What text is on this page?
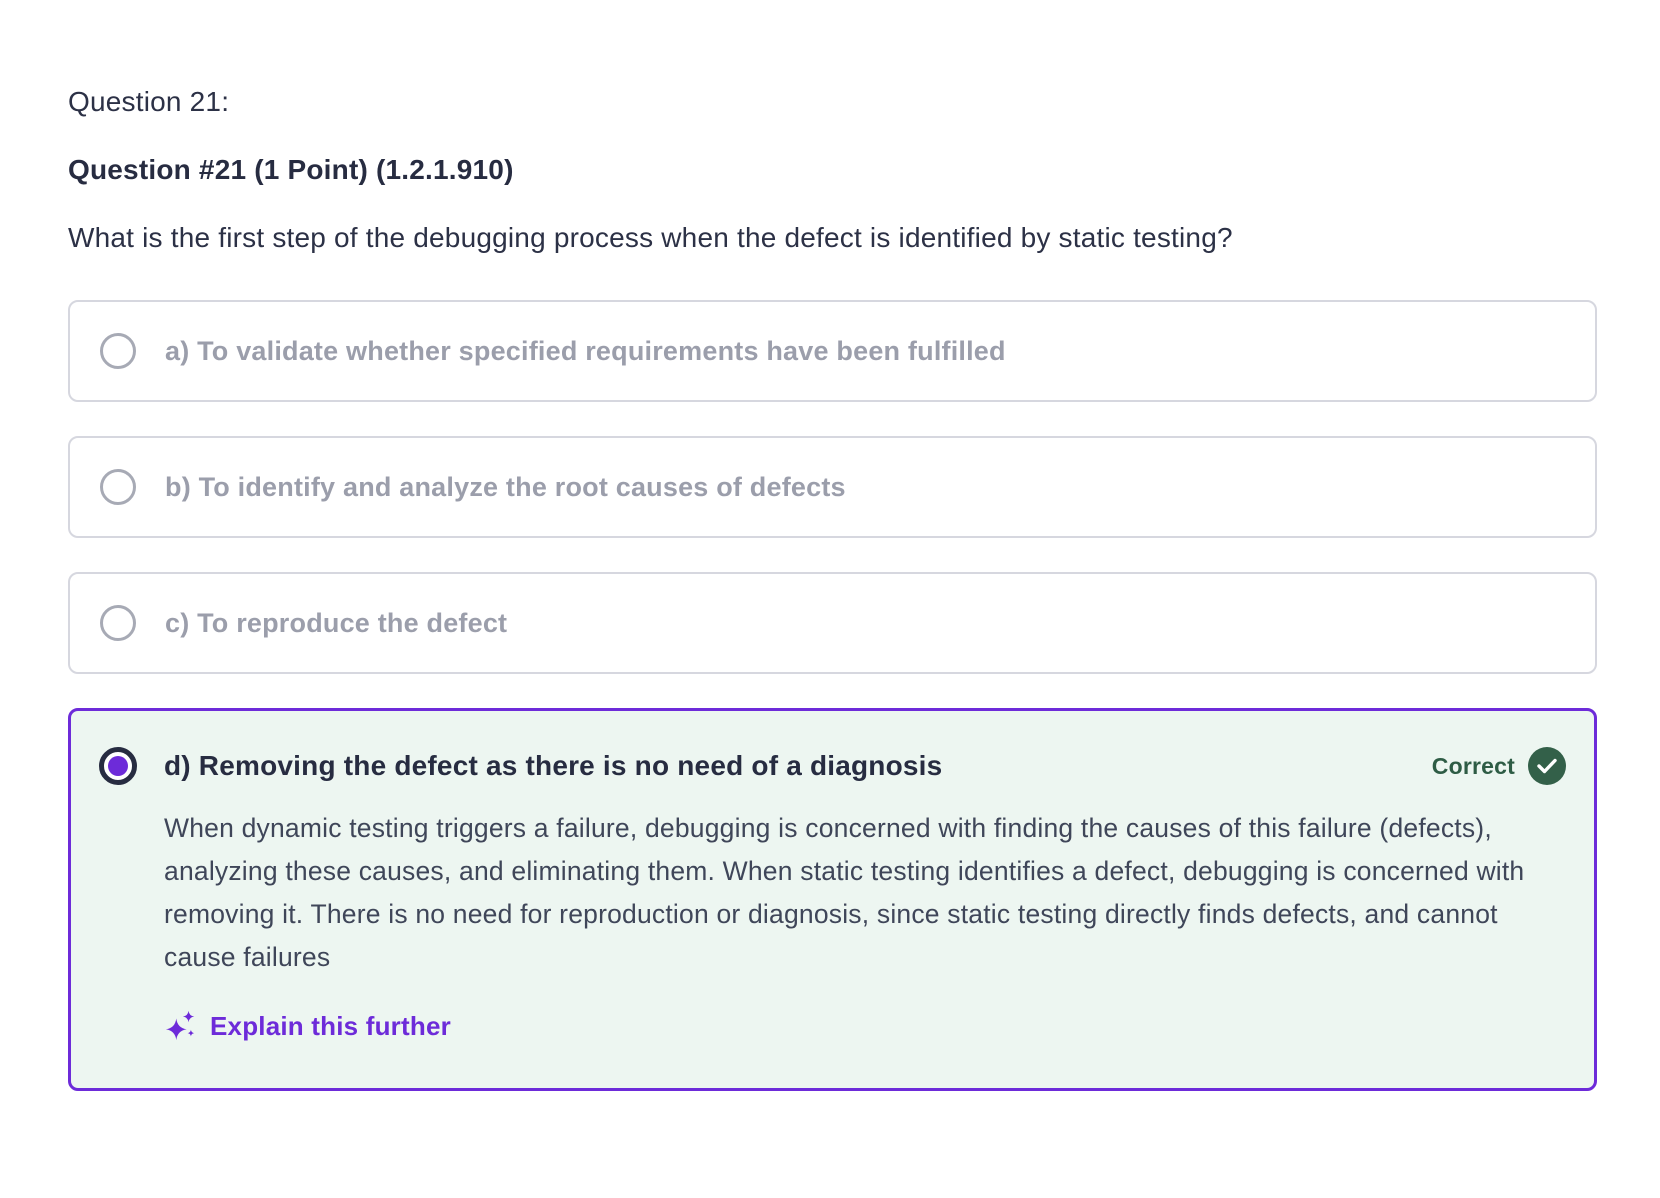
Question 21:
Question #21 (1 Point) (1.2.1.910)
What is the first step of the debugging process when the defect is identified by static testing?
a) To validate whether specified requirements have been fulfilled
b) To identify and analyze the root causes of defects
c) To reproduce the defect
d) Removing the defect as there is no need of a diagnosis	Correct
When dynamic testing triggers a failure, debugging is concerned with finding the causes of this failure (defects), analyzing these causes, and eliminating them. When static testing identifies a defect, debugging is concerned with removing it. There is no need for reproduction or diagnosis, since static testing directly finds defects, and cannot cause failures
Explain this further
